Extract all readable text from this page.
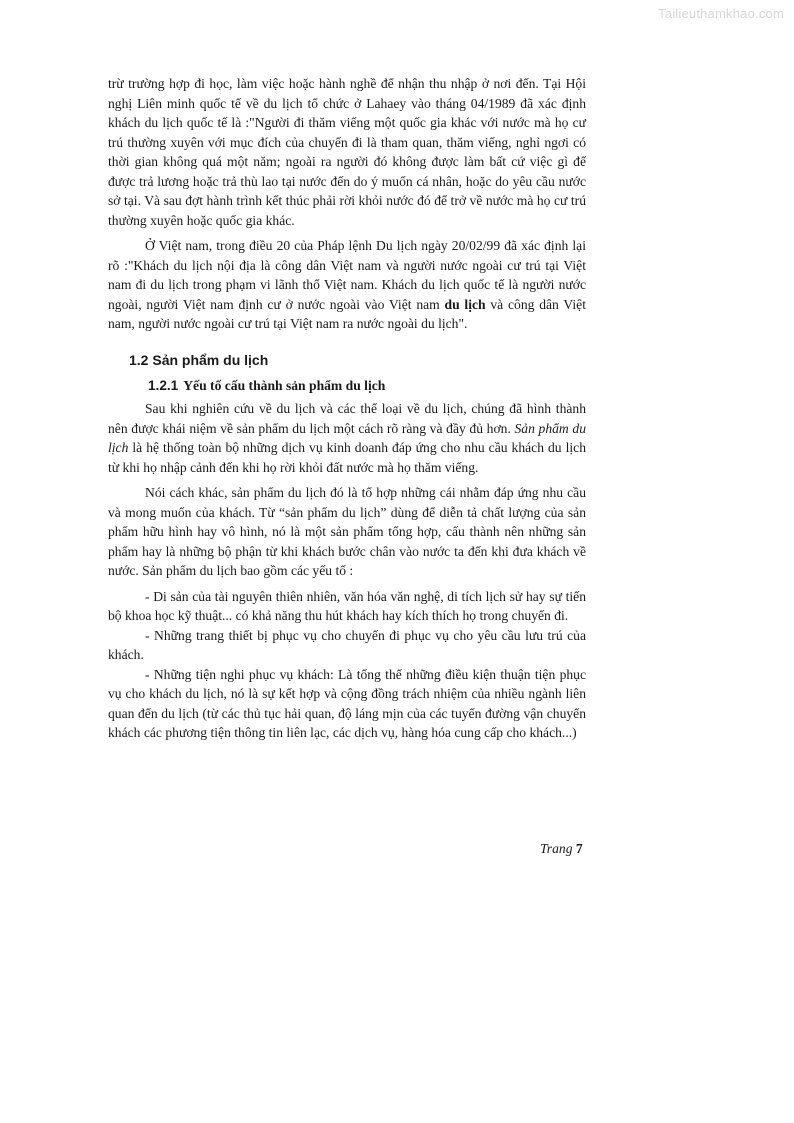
Tailieuthamkhao.com

trừ trường hợp đi học, làm việc hoặc hành nghề để nhận thu nhập ở nơi đến. Tại Hội nghị Liên minh quốc tế về du lịch tổ chức ở Lahaey vào tháng 04/1989 đã xác định khách du lịch quốc tế là :"Người đi thăm viếng một quốc gia khác với nước mà họ cư trú thường xuyên với mục đích của chuyến đi là tham quan, thăm viếng, nghỉ ngơi có thời gian không quá một năm; ngoài ra người đó không được làm bất cứ việc gì để được trả lương hoặc trả thù lao tại nước đến do ý muốn cá nhân, hoặc do yêu cầu nước sở tại. Và sau đợt hành trình kết thúc phải rời khỏi nước đó để trở về nước mà họ cư trú thường xuyên hoặc quốc gia khác.

Ở Việt nam, trong điều 20 của Pháp lệnh Du lịch ngày 20/02/99 đã xác định lại rõ :"Khách du lịch nội địa là công dân Việt nam và người nước ngoài cư trú tại Việt nam đi du lịch trong phạm vi lãnh thổ Việt nam. Khách du lịch quốc tế là người nước ngoài, người Việt nam định cư ở nước ngoài vào Việt nam du lịch và công dân Việt nam, người nước ngoài cư trú tại Việt nam ra nước ngoài du lịch".

1.2 Sản phẩm du lịch
1.2.1 Yếu tố cấu thành sản phẩm du lịch

Sau khi nghiên cứu về du lịch và các thể loại về du lịch, chúng đã hình thành nên được khái niệm về sản phẩm du lịch một cách rõ ràng và đầy đủ hơn. Sản phẩm du lịch là hệ thống toàn bộ những dịch vụ kinh doanh đáp ứng cho nhu cầu khách du lịch từ khi họ nhập cảnh đến khi họ rời khỏi đất nước mà họ thăm viếng.

Nói cách khác, sản phẩm du lịch đó là tổ hợp những cái nhằm đáp ứng nhu cầu và mong muốn của khách. Từ “sản phẩm du lịch” dùng để diễn tả chất lượng của sản phẩm hữu hình hay vô hình, nó là một sản phẩm tổng hợp, cấu thành nên những sản phẩm hay là những bộ phận từ khi khách bước chân vào nước ta đến khi đưa khách về nước. Sản phẩm du lịch bao gồm các yếu tố :

- Di sản của tài nguyên thiên nhiên, văn hóa văn nghệ, di tích lịch sử hay sự tiến bộ khoa học kỹ thuật... có khả năng thu hút khách hay kích thích họ trong chuyến đi.

- Những trang thiết bị phục vụ cho chuyến đi phục vụ cho yêu cầu lưu trú của khách.

- Những tiện nghi phục vụ khách: Là tổng thể những điều kiện thuận tiện phục vụ cho khách du lịch, nó là sự kết hợp và cộng đồng trách nhiệm của nhiều ngành liên quan đến du lịch (từ các thủ tục hải quan, độ láng mịn của các tuyến đường vận chuyển khách các phương tiện thông tin liên lạc, các dịch vụ, hàng hóa cung cấp cho khách...)

Trang 7
